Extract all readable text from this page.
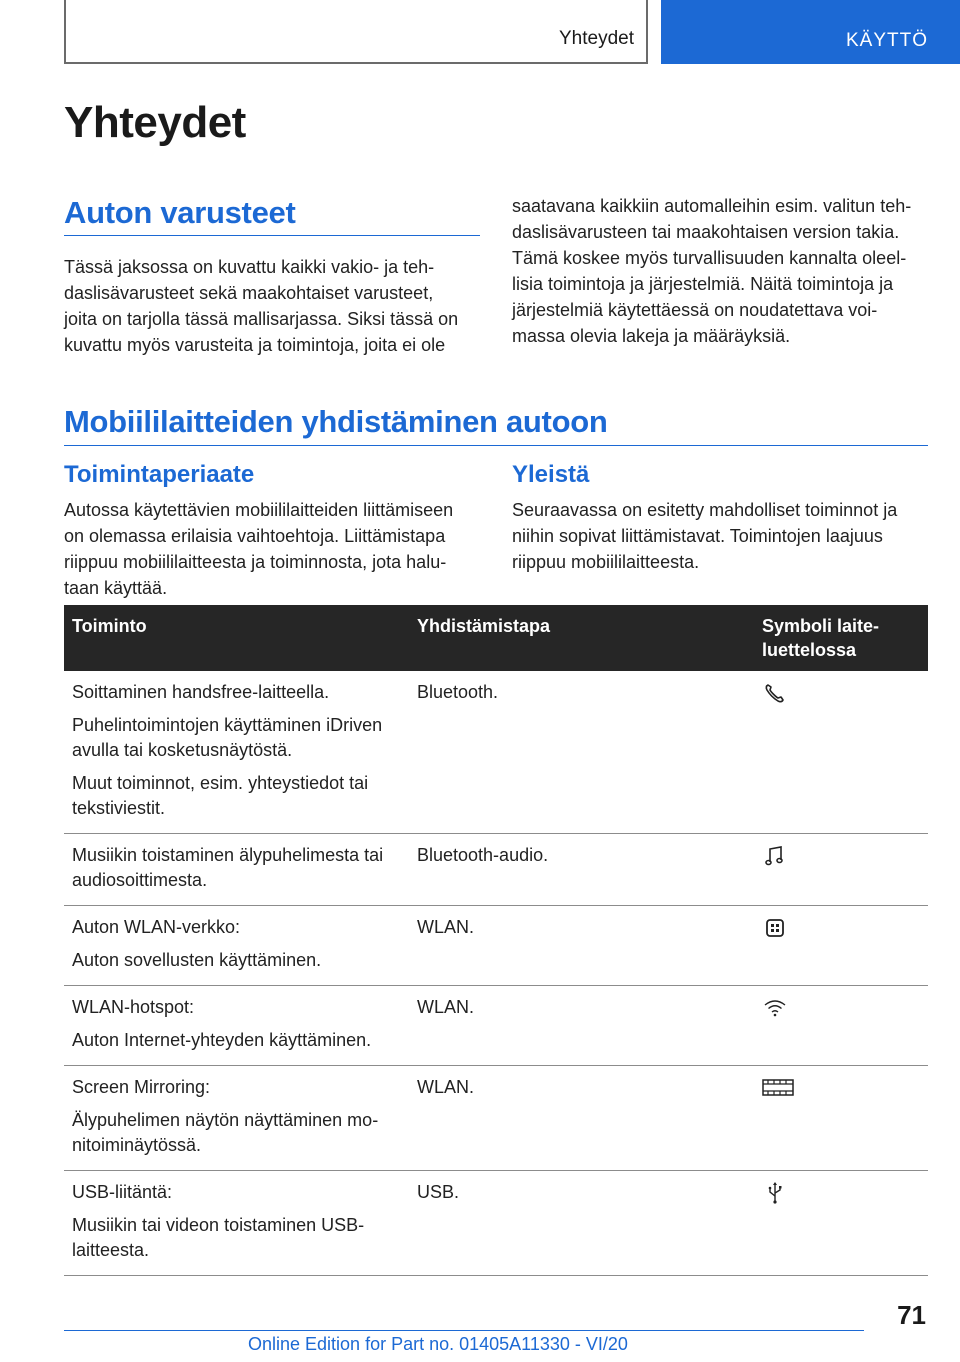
Yhteydet	KÄYTTÖ
Yhteydet
Auton varusteet

Tässä jaksossa on kuvattu kaikki vakio- ja teh-
daslisävarusteet sekä maakohtaiset varusteet,
joita on tarjolla tässä mallisarjassa. Siksi tässä on
kuvattu myös varusteita ja toimintoja, joita ei ole

saatavana kaikkiin automalleihin esim. valitun teh-
daslisävarusteen tai maakohtaisen version takia.
Tämä koskee myös turvallisuuden kannalta oleel-
lisia toimintoja ja järjestelmiä. Näitä toimintoja ja
järjestelmiä käytettäessä on noudatettava voi-
massa olevia lakeja ja määräyksiä.

Mobiililaitteiden yhdistäminen autoon
Toimintaperiaate

Autossa käytettävien mobiililaitteiden liittämiseen
on olemassa erilaisia vaihtoehtoja. Liittämistapa
riippuu mobiililaitteesta ja toiminnosta, jota halu-
taan käyttää.

Yleistä

Seuraavassa on esitetty mahdolliset toiminnot ja
niihin sopivat liittämistavat. Toimintojen laajuus
riippuu mobiililaitteesta.

Toiminto	Yhdistämistapa	Symboli laite-
luettelossa

Soittaminen handsfree-laitteella.

Puhelintoimintojen käyttäminen iDriven avulla tai kosketusnäytöstä.

Muut toiminnot, esim. yhteystiedot tai tekstiviestit.	Bluetooth.	

Musiikin toistaminen älypuhelimesta tai audiosoittimesta.	Bluetooth-audio.	

Auton WLAN-verkko:

Auton sovellusten käyttäminen.	WLAN.	

WLAN-hotspot:

Auton Internet-yhteyden käyttäminen.	WLAN.	

Screen Mirroring:

Älypuhelimen näytön näyttäminen monitoiminäytössä.	WLAN.	

USB-liitäntä:

Musiikin tai videon toistaminen USB-laitteesta.	USB.	
71
Online Edition for Part no. 01405A11330 - VI/20
